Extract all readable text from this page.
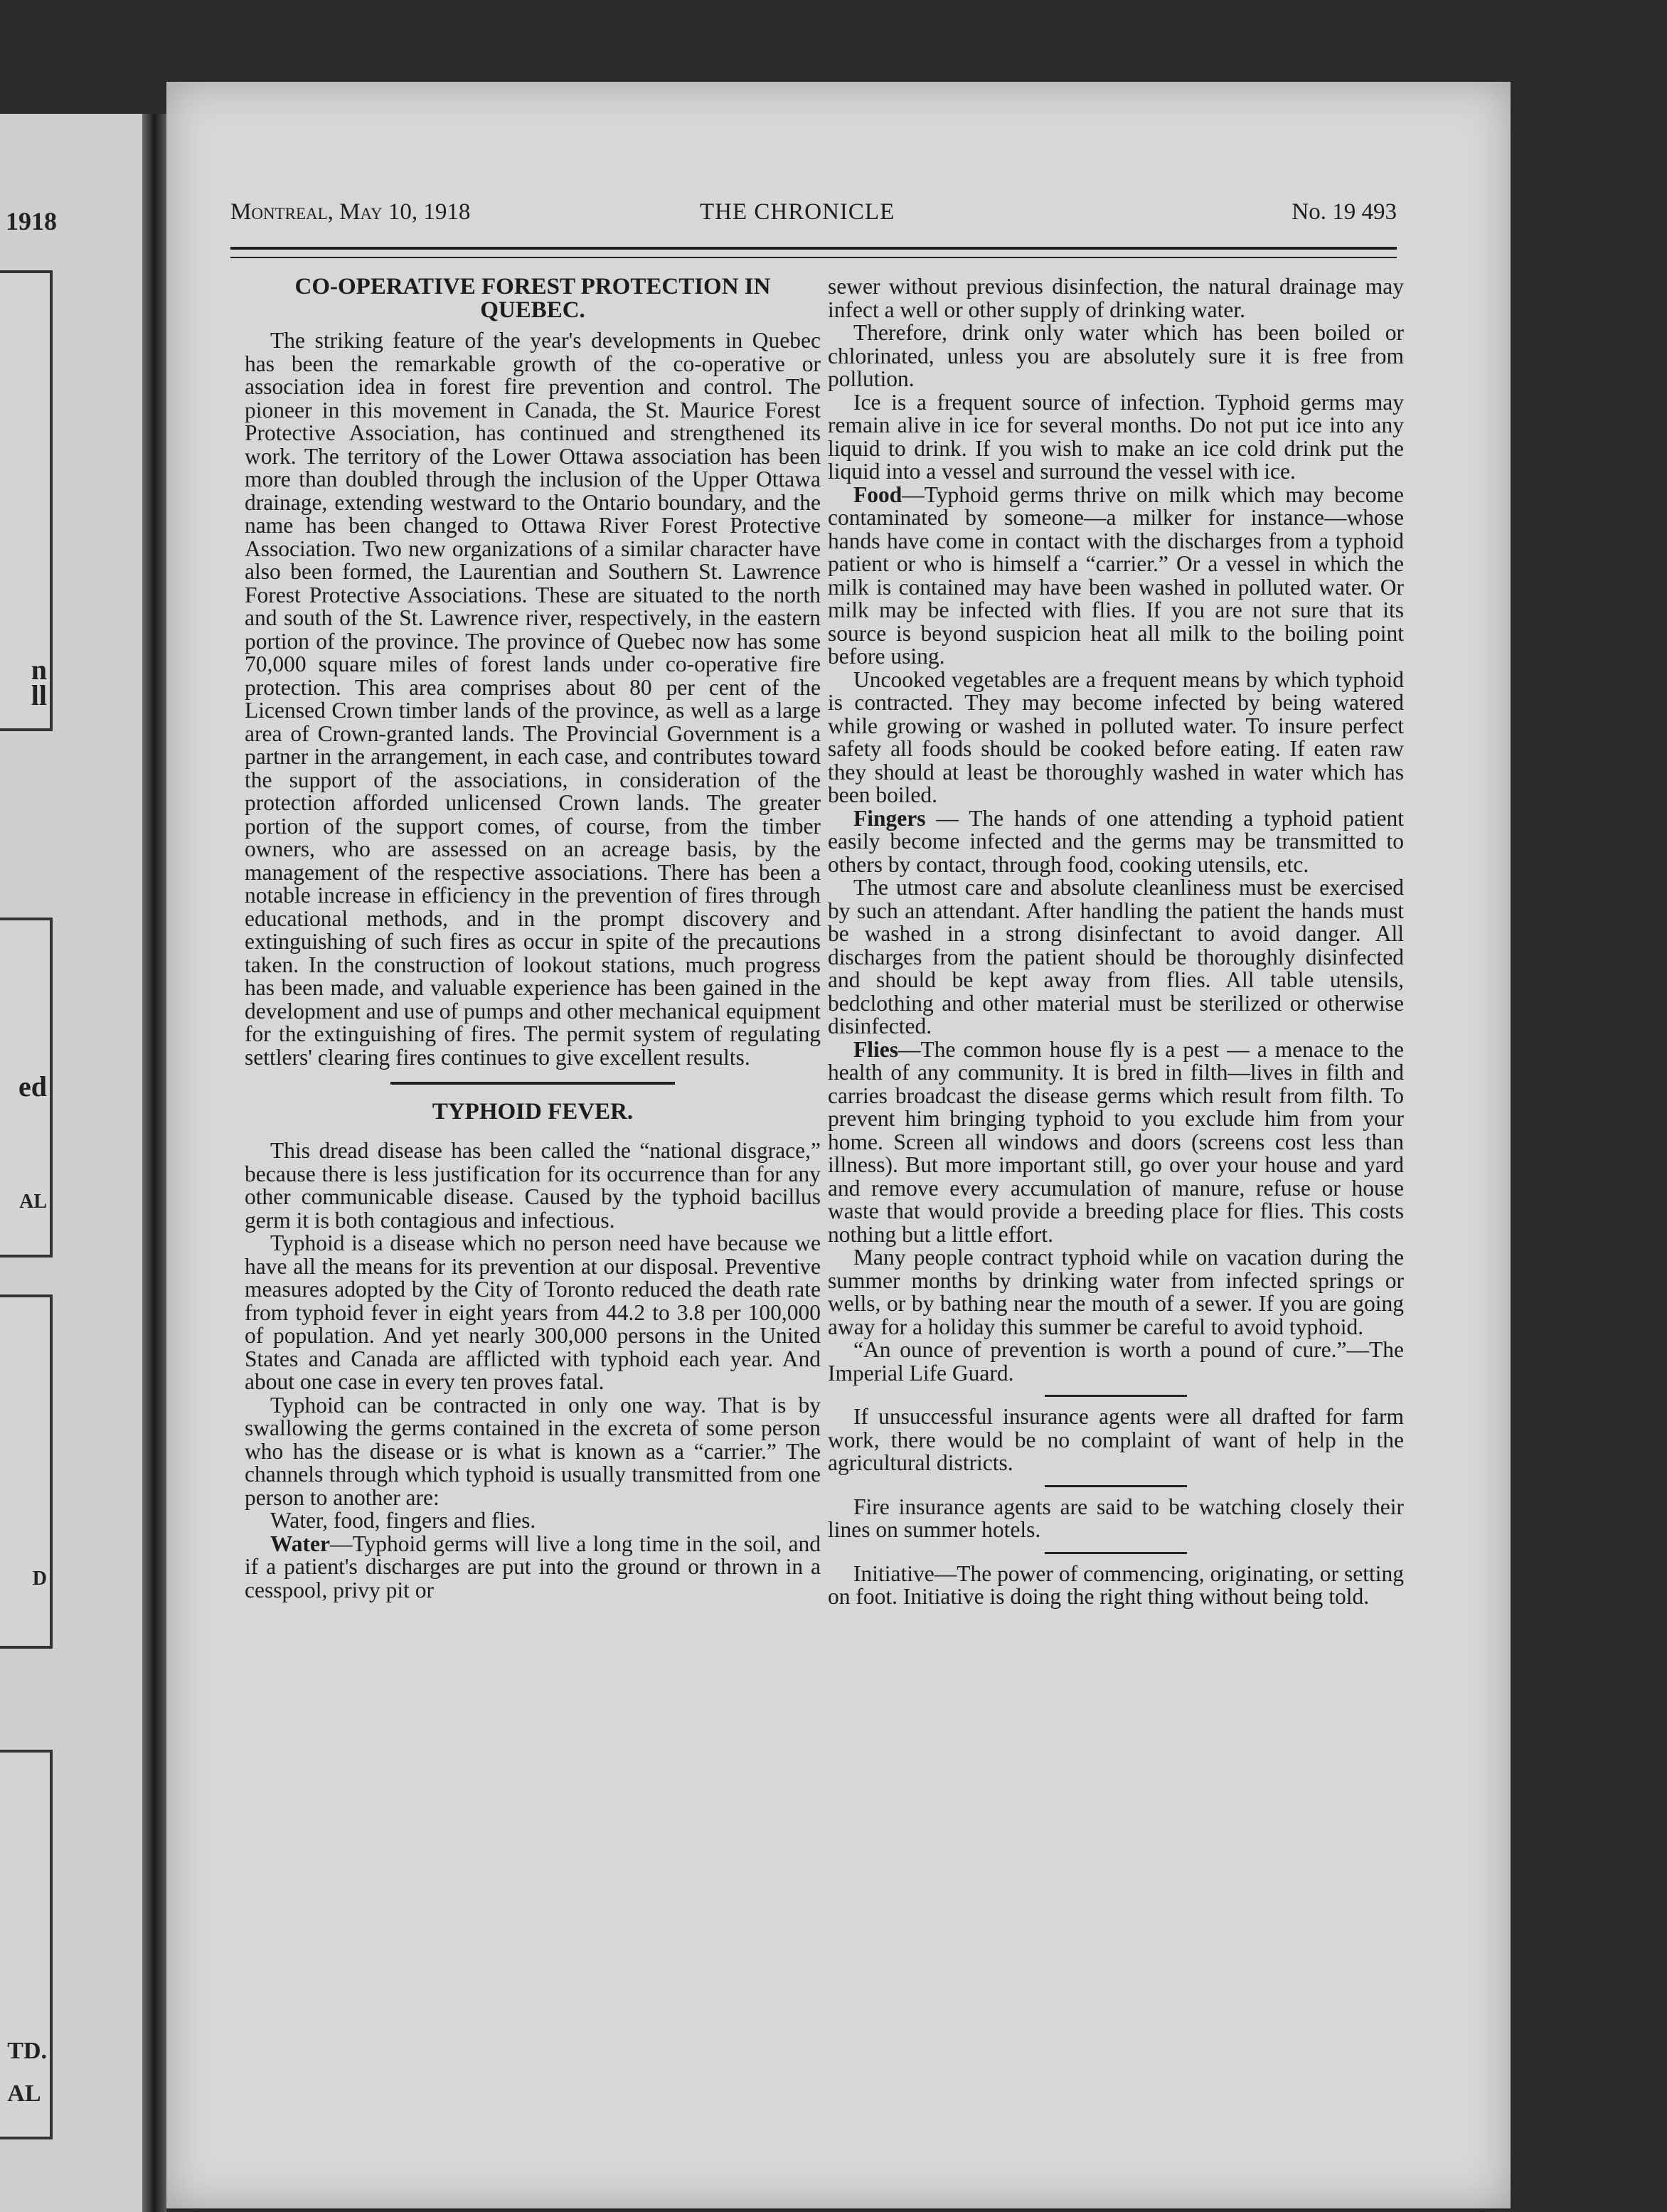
1918
n
ll
ed
AL
D
TD.
AL
Montreal, May 10, 1918	THE CHRONICLE	No. 19 493
CO-OPERATIVE FOREST PROTECTION IN QUEBEC.

The striking feature of the year's developments in Quebec has been the remarkable growth of the co-operative or association idea in forest fire prevention and control. The pioneer in this movement in Canada, the St. Maurice Forest Protective Association, has continued and strengthened its work. The territory of the Lower Ottawa association has been more than doubled through the inclusion of the Upper Ottawa drainage, extending westward to the Ontario boundary, and the name has been changed to Ottawa River Forest Protective Association. Two new organizations of a similar character have also been formed, the Laurentian and Southern St. Lawrence Forest Protective Associations. These are situated to the north and south of the St. Lawrence river, respectively, in the eastern portion of the province. The province of Quebec now has some 70,000 square miles of forest lands under co-operative fire protection. This area comprises about 80 per cent of the Licensed Crown timber lands of the province, as well as a large area of Crown-granted lands. The Provincial Government is a partner in the arrangement, in each case, and contributes toward the support of the associations, in consideration of the protection afforded unlicensed Crown lands. The greater portion of the support comes, of course, from the timber owners, who are assessed on an acreage basis, by the management of the respective associations. There has been a notable increase in efficiency in the prevention of fires through educational methods, and in the prompt discovery and extinguishing of such fires as occur in spite of the precautions taken. In the construction of lookout stations, much progress has been made, and valuable experience has been gained in the development and use of pumps and other mechanical equipment for the extinguishing of fires. The permit system of regulating settlers' clearing fires continues to give excellent results.

TYPHOID FEVER.

This dread disease has been called the “national disgrace,” because there is less justification for its occurrence than for any other communicable disease. Caused by the typhoid bacillus germ it is both contagious and infectious.

Typhoid is a disease which no person need have because we have all the means for its prevention at our disposal. Preventive measures adopted by the City of Toronto reduced the death rate from typhoid fever in eight years from 44.2 to 3.8 per 100,000 of population. And yet nearly 300,000 persons in the United States and Canada are afflicted with typhoid each year. And about one case in every ten proves fatal.

Typhoid can be contracted in only one way. That is by swallowing the germs contained in the excreta of some person who has the disease or is what is known as a “carrier.” The channels through which typhoid is usually transmitted from one person to another are:

Water, food, fingers and flies.

Water—Typhoid germs will live a long time in the soil, and if a patient's discharges are put into the ground or thrown in a cesspool, privy pit or

sewer without previous disinfection, the natural drainage may infect a well or other supply of drinking water.

Therefore, drink only water which has been boiled or chlorinated, unless you are absolutely sure it is free from pollution.

Ice is a frequent source of infection. Typhoid germs may remain alive in ice for several months. Do not put ice into any liquid to drink. If you wish to make an ice cold drink put the liquid into a vessel and surround the vessel with ice.

Food—Typhoid germs thrive on milk which may become contaminated by someone—a milker for instance—whose hands have come in contact with the discharges from a typhoid patient or who is himself a “carrier.” Or a vessel in which the milk is contained may have been washed in polluted water. Or milk may be infected with flies. If you are not sure that its source is beyond suspicion heat all milk to the boiling point before using.

Uncooked vegetables are a frequent means by which typhoid is contracted. They may become infected by being watered while growing or washed in polluted water. To insure perfect safety all foods should be cooked before eating. If eaten raw they should at least be thoroughly washed in water which has been boiled.

Fingers — The hands of one attending a typhoid patient easily become infected and the germs may be transmitted to others by contact, through food, cooking utensils, etc.

The utmost care and absolute cleanliness must be exercised by such an attendant. After handling the patient the hands must be washed in a strong disinfectant to avoid danger. All discharges from the patient should be thoroughly disinfected and should be kept away from flies. All table utensils, bedclothing and other material must be sterilized or otherwise disinfected.

Flies—The common house fly is a pest — a menace to the health of any community. It is bred in filth—lives in filth and carries broadcast the disease germs which result from filth. To prevent him bringing typhoid to you exclude him from your home. Screen all windows and doors (screens cost less than illness). But more important still, go over your house and yard and remove every accumulation of manure, refuse or house waste that would provide a breeding place for flies. This costs nothing but a little effort.

Many people contract typhoid while on vacation during the summer months by drinking water from infected springs or wells, or by bathing near the mouth of a sewer. If you are going away for a holiday this summer be careful to avoid typhoid.

“An ounce of prevention is worth a pound of cure.”—The Imperial Life Guard.

If unsuccessful insurance agents were all drafted for farm work, there would be no complaint of want of help in the agricultural districts.

Fire insurance agents are said to be watching closely their lines on summer hotels.

Initiative—The power of commencing, originating, or setting on foot. Initiative is doing the right thing without being told.
